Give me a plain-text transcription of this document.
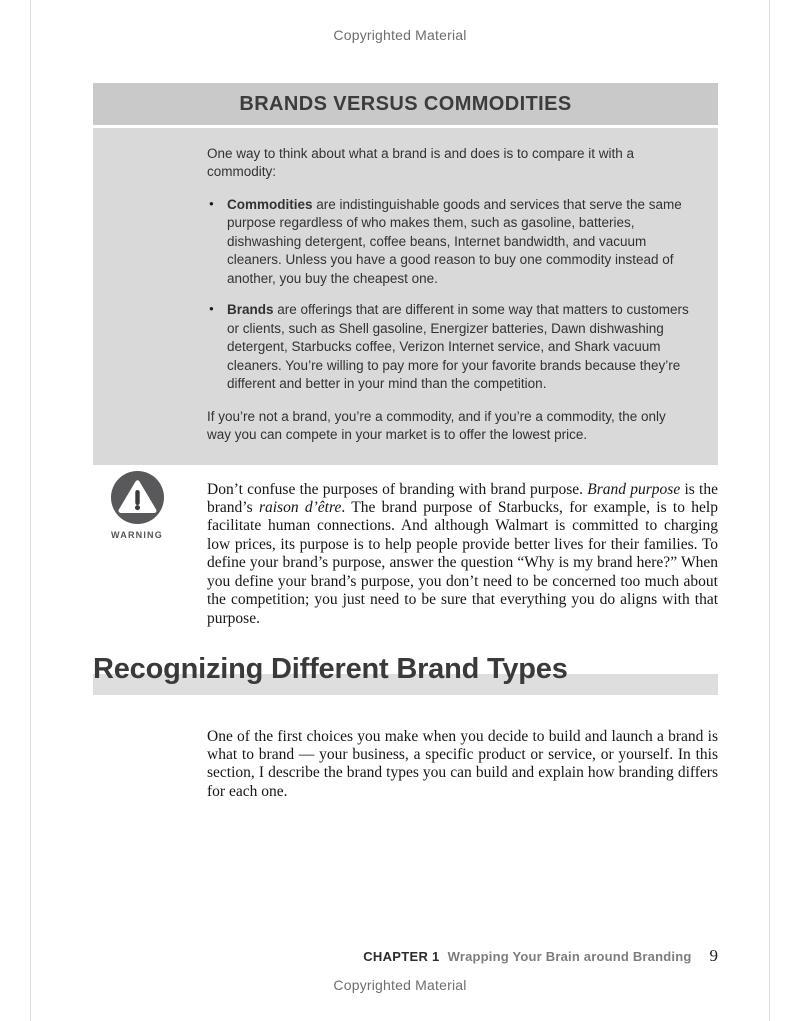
Copyrighted Material
BRANDS VERSUS COMMODITIES

One way to think about what a brand is and does is to compare it with a commodity:

● Commodities are indistinguishable goods and services that serve the same purpose regardless of who makes them, such as gasoline, batteries, dishwashing detergent, coffee beans, Internet bandwidth, and vacuum cleaners. Unless you have a good reason to buy one commodity instead of another, you buy the cheapest one.
● Brands are offerings that are different in some way that matters to customers or clients, such as Shell gasoline, Energizer batteries, Dawn dishwashing detergent, Starbucks coffee, Verizon Internet service, and Shark vacuum cleaners. You’re willing to pay more for your favorite brands because they’re different and better in your mind than the competition.

If you’re not a brand, you’re a commodity, and if you’re a commodity, the only way you can compete in your market is to offer the lowest price.

WARNING

Don’t confuse the purposes of branding with brand purpose. Brand purpose is the brand’s raison d’être. The brand purpose of Starbucks, for example, is to help facilitate human connections. And although Walmart is committed to charging low prices, its purpose is to help people provide better lives for their families. To define your brand’s purpose, answer the question “Why is my brand here?” When you define your brand’s purpose, you don’t need to be concerned too much about the competition; you just need to be sure that everything you do aligns with that purpose.

Recognizing Different Brand Types

One of the first choices you make when you decide to build and launch a brand is what to brand — your business, a specific product or service, or yourself. In this section, I describe the brand types you can build and explain how branding differs for each one.

CHAPTER 1 Wrapping Your Brain around Branding 9
Copyrighted Material
